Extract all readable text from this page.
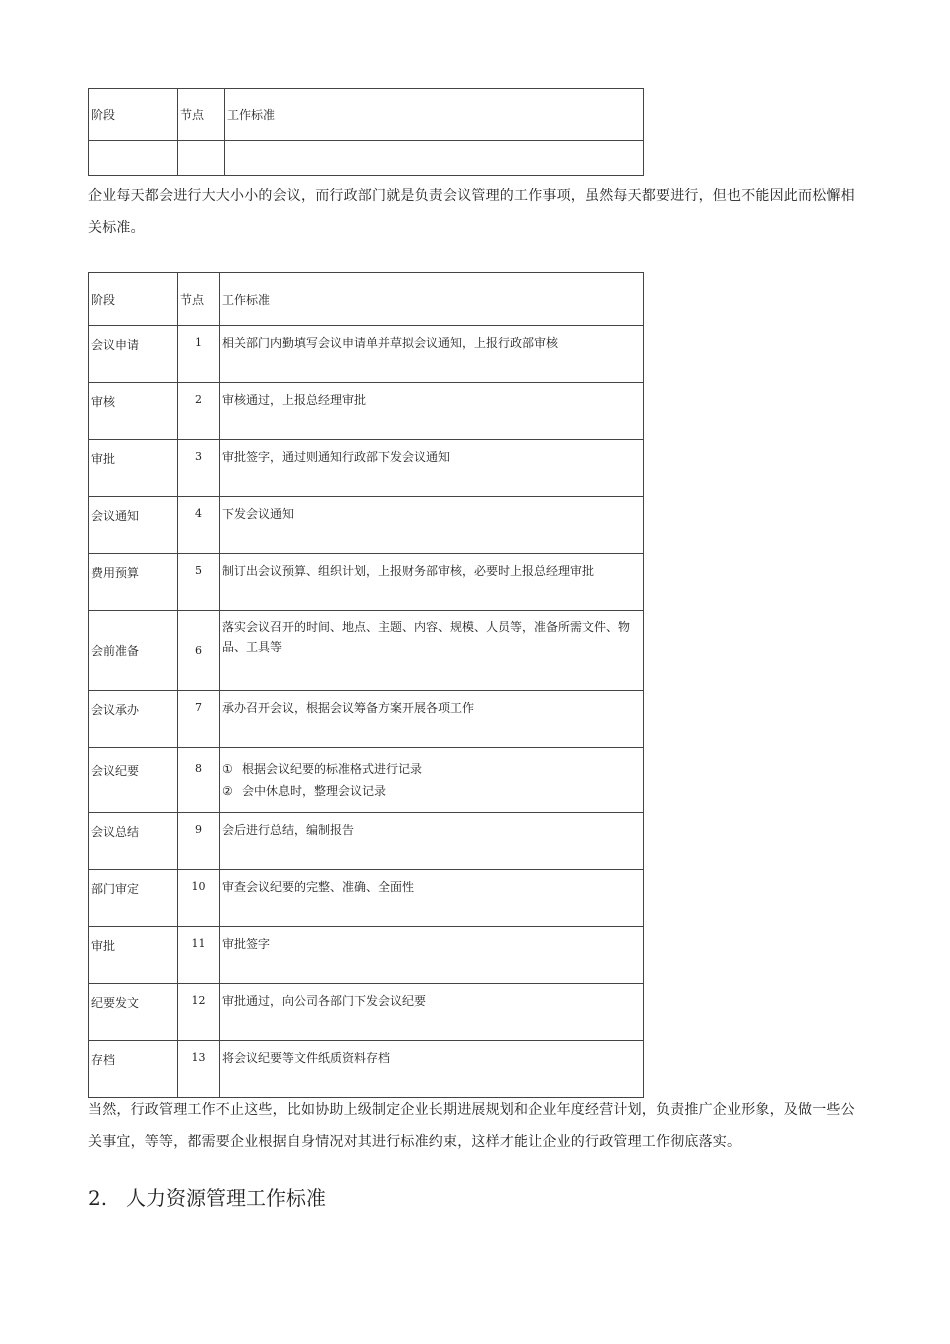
阶段	节点	工作标准

企业每天都会进行大大小小的会议，而行政部门就是负责会议管理的工作事项，虽然每天都要进行，但也不能因此而松懈相关标准。
阶段	节点	工作标准
会议申请	1	相关部门内勤填写会议申请单并草拟会议通知，上报行政部审核
审核	2	审核通过，上报总经理审批
审批	3	审批签字，通过则通知行政部下发会议通知
会议通知	4	下发会议通知
费用预算	5	制订出会议预算、组织计划，上报财务部审核，必要时上报总经理审批
会前准备	6	落实会议召开的时间、地点、主题、内容、规模、人员等，准备所需文件、物品、工具等
会议承办	7	承办召开会议，根据会议筹备方案开展各项工作
会议纪要	8	① 根据会议纪要的标准格式进行记录
② 会中休息时，整理会议记录

会议总结	9	会后进行总结，编制报告
部门审定	10	审查会议纪要的完整、准确、全面性
审批	11	审批签字
纪要发文	12	审批通过，向公司各部门下发会议纪要
存档	13	将会议纪要等文件纸质资料存档
当然，行政管理工作不止这些，比如协助上级制定企业长期进展规划和企业年度经营计划，负责推广企业形象，及做一些公关事宜，等等，都需要企业根据自身情况对其进行标准约束，这样才能让企业的行政管理工作彻底落实。
2. 人力资源管理工作标准
